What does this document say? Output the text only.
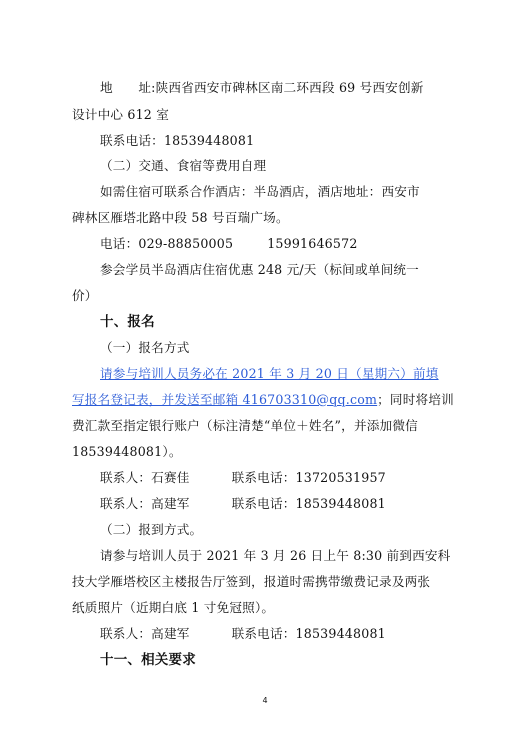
地　　址:陕西省西安市碑林区南二环西段 69 号西安创新
设计中心 612 室
联系电话：18539448081
（二）交通、食宿等费用自理
如需住宿可联系合作酒店：半岛酒店，酒店地址：西安市
碑林区雁塔北路中段 58 号百瑞广场。
电话：029-88850005	15991646572
参会学员半岛酒店住宿优惠 248 元/天（标间或单间统一
价）
十、报名
（一）报名方式
请参与培训人员务必在 2021 年 3 月 20 日（星期六）前填
写报名登记表，并发送至邮箱 416703310@qq.com；同时将培训
费汇款至指定银行账户（标注清楚“单位＋姓名”，并添加微信
18539448081）。
联系人：石赛佳	联系电话：13720531957
联系人：高建军	联系电话：18539448081
（二）报到方式。
请参与培训人员于 2021 年 3 月 26 日上午 8:30 前到西安科
技大学雁塔校区主楼报告厅签到，报道时需携带缴费记录及两张
纸质照片（近期白底 1 寸免冠照）。
联系人：高建军	联系电话：18539448081
十一、相关要求
4
